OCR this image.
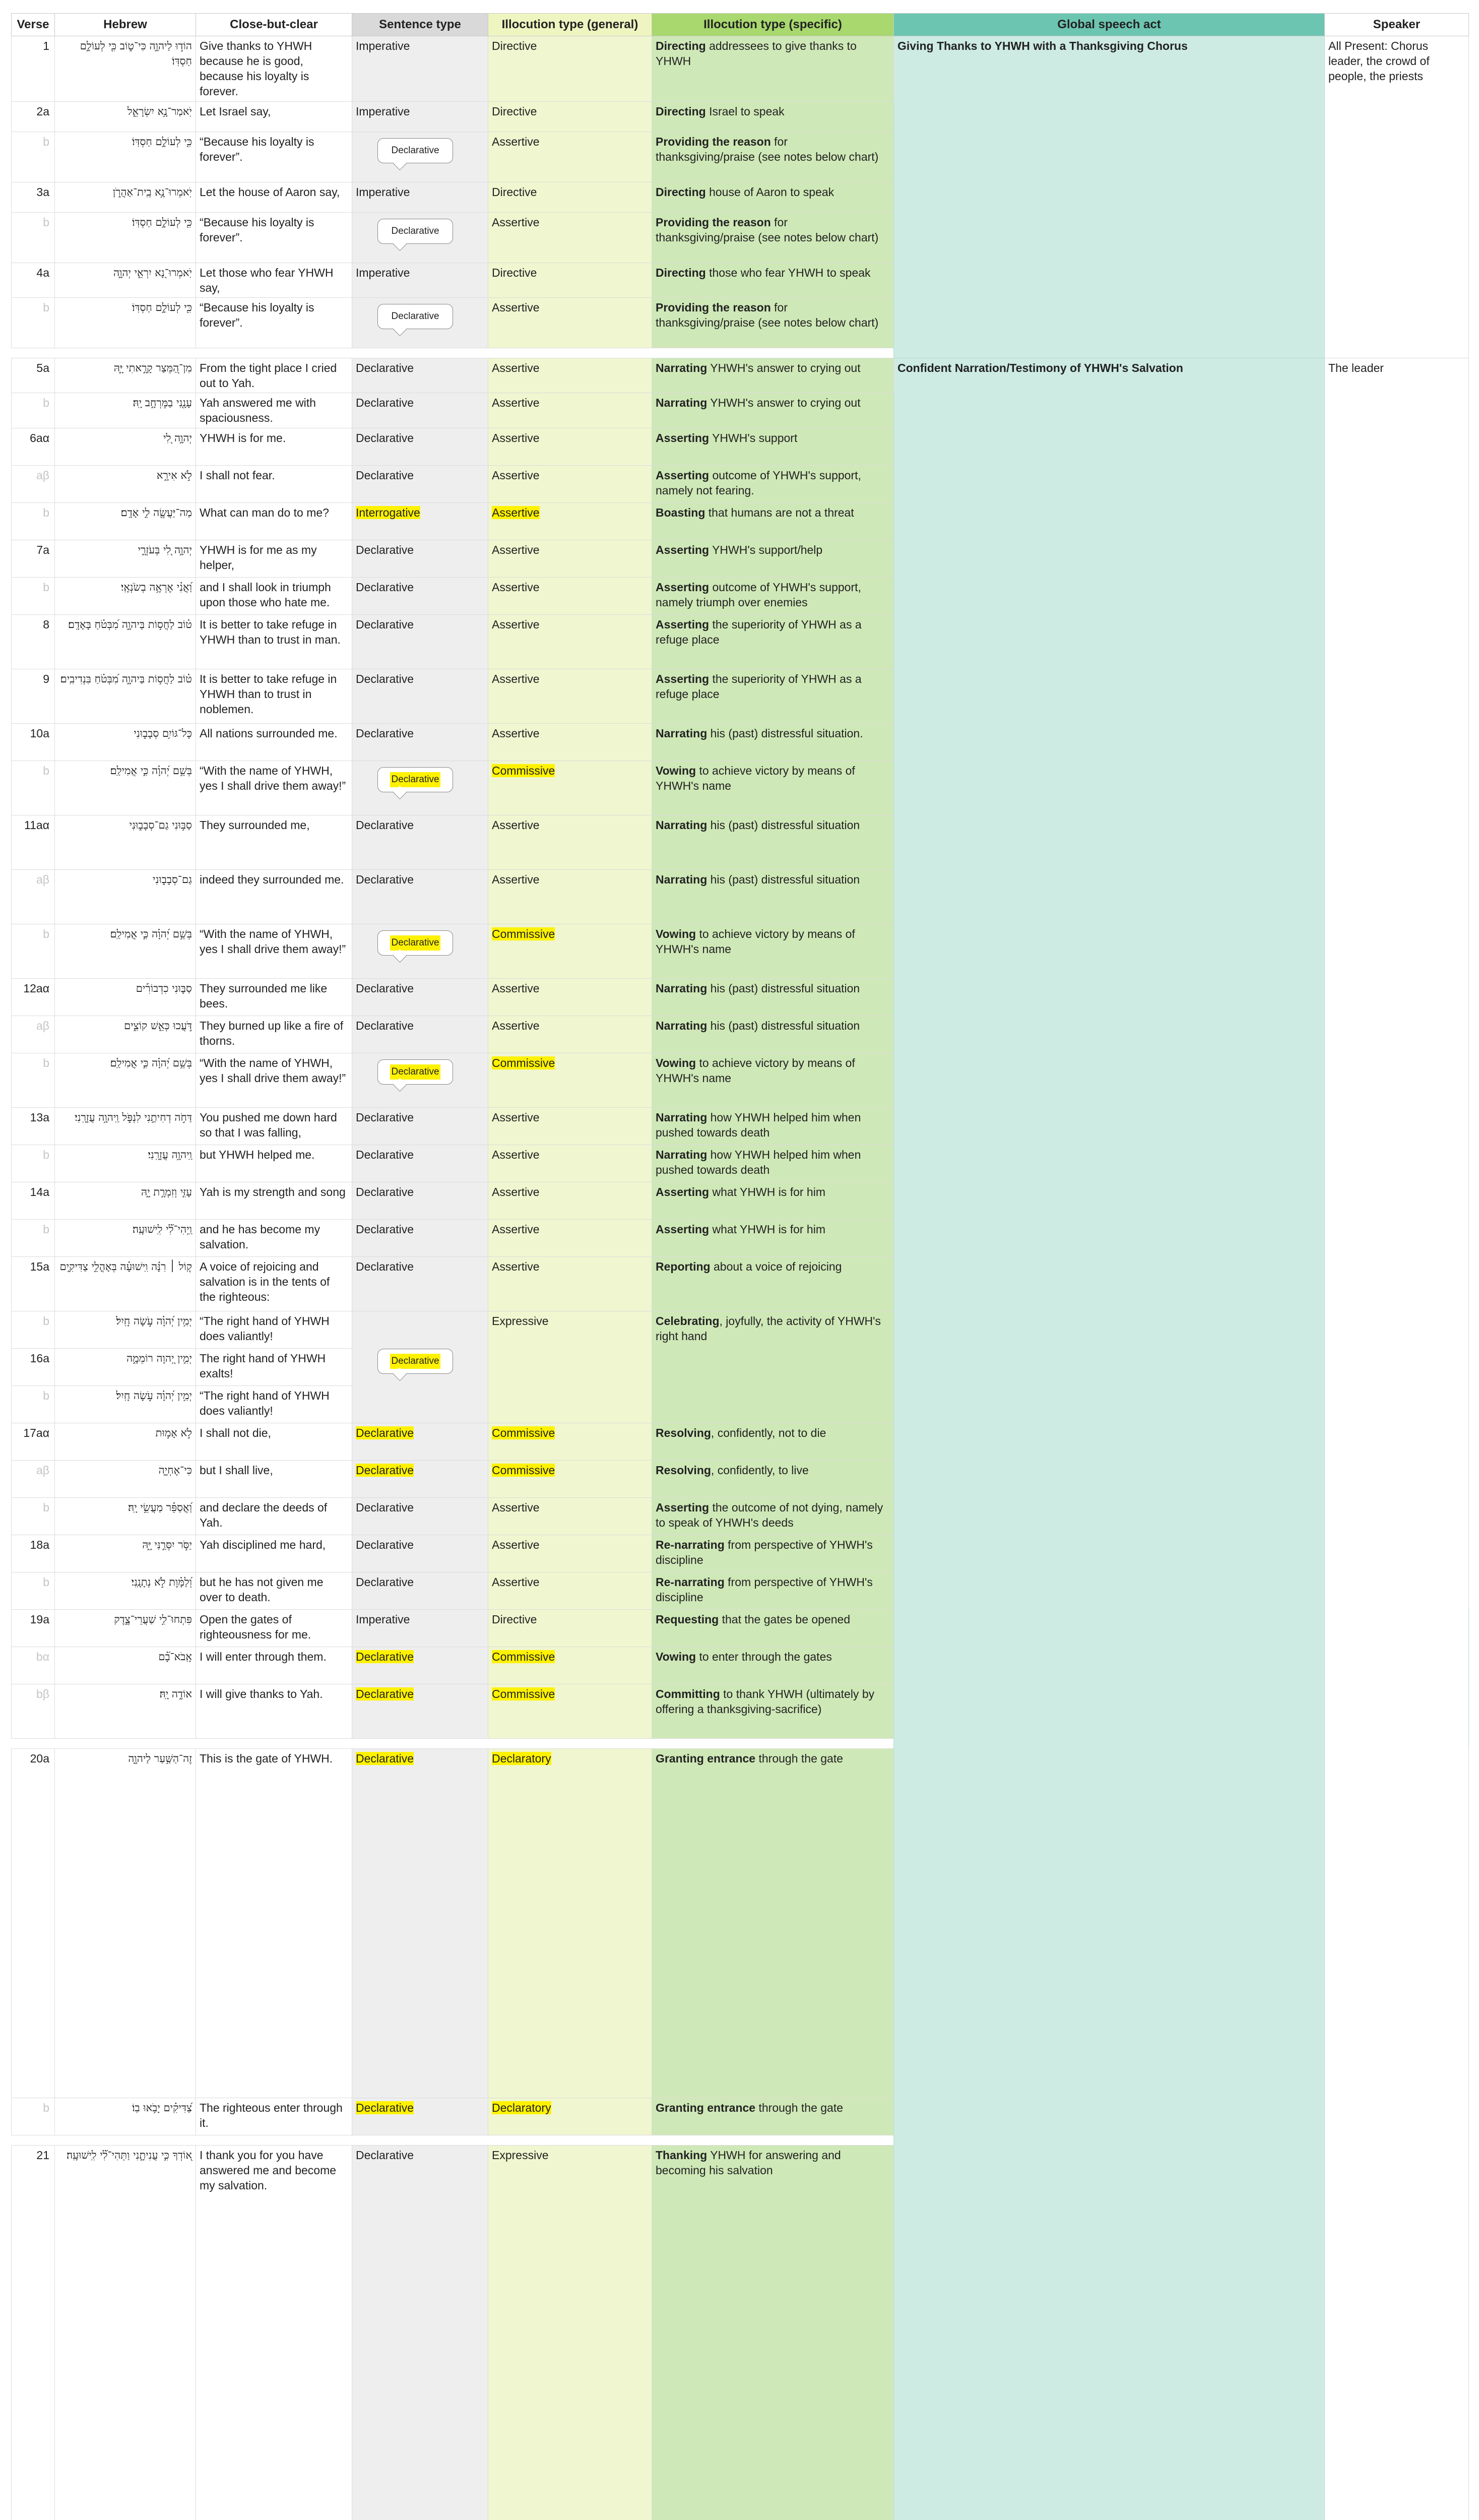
Verse	Hebrew	Close-but-clear	Sentence type	Illocution type (general)	Illocution type (specific)	Global speech act		Speaker	
1	הוֹד֣וּ לַיהוָ֣ה כִּי־ט֑וֹב כִּ֖י לְעוֹלָ֣ם חַסְדּֽוֹ׃	Give thanks to YHWH because he is good, because his loyalty is forever.	Imperative	Directive	Directing addressees to give thanks to YHWH	Giving Thanks to YHWH with a Thanksgiving Chorus		All Present: Chorus leader, the crowd of people, the priests	
2a	יֹֽאמַר־נָ֥א יִשְׂרָאֵ֑ל	Let Israel say,	Imperative	Directive	Directing Israel to speak				
b	כִּ֖י לְעוֹלָ֣ם חַסְדּֽוֹ׃	“Because his loyalty is forever”.	Declarative	Assertive	Providing the reason for thanksgiving/praise (see notes below chart)				
3a	יֹֽאמְרוּ־נָ֥א בֵֽית־אַהֲרֹ֑ן	Let the house of Aaron say,	Imperative	Directive	Directing house of Aaron to speak				
b	כִּ֖י לְעוֹלָ֣ם חַסְדּֽוֹ׃	“Because his loyalty is forever”.	Declarative	Assertive	Providing the reason for thanksgiving/praise (see notes below chart)				
4a	יֹֽאמְרוּ־נָ֭א יִרְאֵ֣י יְהוָ֑ה	Let those who fear YHWH say,	Imperative	Directive	Directing those who fear YHWH to speak				
b	כִּ֖י לְעוֹלָ֣ם חַסְדּֽוֹ׃	“Because his loyalty is forever”.	Declarative	Assertive	Providing the reason for thanksgiving/praise (see notes below chart)				

5a	מִן־הַ֭מֵּצַר קָרָ֣אתִי יָּ֑הּ	From the tight place I cried out to Yah.	Declarative	Assertive	Narrating YHWH's answer to crying out	Confident Narration/Testimony of YHWH's Salvation		The leader	
b	עָנָ֖נִי בַמֶּרְחָ֣ב יָֽהּ׃	Yah answered me with spaciousness.	Declarative	Assertive	Narrating YHWH's answer to crying out				
6aα	יְהוָ֣ה לִ֭י	YHWH is for me.	Declarative	Assertive	Asserting YHWH's support				
aβ	לֹ֣א אִירָ֑א	I shall not fear.	Declarative	Assertive	Asserting outcome of YHWH's support, namely not fearing.				
b	מַה־יַּעֲשֶׂ֖ה לִ֣י אָדָֽם׃	What can man do to me?	Interrogative	Assertive	Boasting that humans are not a threat				
7a	יְהוָ֣ה לִ֭י בְּעֹזְרָ֑י	YHWH is for me as my helper,	Declarative	Assertive	Asserting YHWH's support/help				
b	וַ֝אֲנִ֗י אֶרְאֶ֥ה בְשֹׂנְאָֽי׃	and I shall look in triumph upon those who hate me.	Declarative	Assertive	Asserting outcome of YHWH's support, namely triumph over enemies				
8	ט֗וֹב לַחֲס֥וֹת בַּיהוָ֑ה מִ֝בְּטֹ֗חַ בָּאָדָֽם׃	It is better to take refuge in YHWH than to trust in man.	Declarative	Assertive	Asserting the superiority of YHWH as a refuge place				
9	ט֗וֹב לַחֲס֥וֹת בַּיהוָ֑ה מִ֝בְּטֹ֗חַ בִּנְדִיבִֽים׃	It is better to take refuge in YHWH than to trust in noblemen.	Declarative	Assertive	Asserting the superiority of YHWH as a refuge place				
10a	כָּל־גּוֹיִ֥ם סְבָב֑וּנִי	All nations surrounded me.	Declarative	Assertive	Narrating his (past) distressful situation.				
b	בְּשֵׁ֥ם יְ֝הוָ֗ה כִּ֣י אֲמִילַֽם׃	“With the name of YHWH, yes I shall drive them away!”	Declarative	Commissive	Vowing to achieve victory by means of YHWH's name				
11aα	סַבּ֥וּנִי גַם־סְבָב֑וּנִי	They surrounded me,	Declarative	Assertive	Narrating his (past) distressful situation				
aβ	גַם־סְבָב֑וּנִי	indeed they surrounded me.	Declarative	Assertive	Narrating his (past) distressful situation				
b	בְּשֵׁ֥ם יְ֝הוָ֗ה כִּ֣י אֲמִילַֽם׃	“With the name of YHWH, yes I shall drive them away!”	Declarative	Commissive	Vowing to achieve victory by means of YHWH's name				
12aα	סַבּ֪וּנִי כִדְבוֹרִ֡ים	They surrounded me like bees.	Declarative	Assertive	Narrating his (past) distressful situation				
aβ	דֹּ֣עֲכוּ כְּאֵ֣שׁ קוֹצִ֑ים	They burned up like a fire of thorns.	Declarative	Assertive	Narrating his (past) distressful situation				
b	בְּשֵׁ֥ם יְ֝הוָ֗ה כִּ֣י אֲמִילַֽם׃	“With the name of YHWH, yes I shall drive them away!”	Declarative	Commissive	Vowing to achieve victory by means of YHWH's name				
13a	דַּחֹ֣ה דְחִיתַ֣נִי לִנְפֹּ֑ל וַֽיהוָ֥ה עֲזָרָֽנִי׃	You pushed me down hard so that I was falling,	Declarative	Assertive	Narrating how YHWH helped him when pushed towards death				
b	וַֽיהוָ֥ה עֲזָרָֽנִי׃	but YHWH helped me.	Declarative	Assertive	Narrating how YHWH helped him when pushed towards death				
14a	עָזִּ֣י וְזִמְרָ֣ת יָ֑הּ	Yah is my strength and song	Declarative	Assertive	Asserting what YHWH is for him				
b	וַֽיְהִי־לִ֝֗י לִֽישׁוּעָֽה׃	and he has become my salvation.	Declarative	Assertive	Asserting what YHWH is for him				
15a	ק֤וֹל ׀ רִנָּ֬ה וִֽישׁוּעָ֗ה בְּאָהֳלֵ֥י צַדִּיקִ֑ים	A voice of rejoicing and salvation is in the tents of the righteous:	Declarative	Assertive	Reporting about a voice of rejoicing				
b	יְמִ֥ין יְ֝הוָ֗ה עֹ֣שָׂה חָֽיִל׃	“The right hand of YHWH does valiantly!	Declarative	Expressive	Celebrating, joyfully, the activity of YHWH's right hand				
16a	יְמִ֣ין יְ֭הוָה רוֹמֵמָ֑ה	The right hand of YHWH exalts!							
b	יְמִ֥ין יְ֝הוָ֗ה עֹ֣שָׂה חָֽיִל׃	“The right hand of YHWH does valiantly!							
17aα	לֹ֣א אָמ֣וּת	I shall not die,	Declarative	Commissive	Resolving, confidently, not to die				
aβ	כִּי־אֶחְיֶ֑ה	but I shall live,	Declarative	Commissive	Resolving, confidently, to live				
b	וַ֝אֲסַפֵּ֗ר מַעֲשֵׂ֥י יָֽהּ׃	and declare the deeds of Yah.	Declarative	Assertive	Asserting the outcome of not dying, namely to speak of YHWH's deeds				
18a	יַסֹּ֣ר יִסְּרַ֣נִּי יָּ֑הּ	Yah disciplined me hard,	Declarative	Assertive	Re-narrating from perspective of YHWH's discipline				
b	וְ֝לַמָּ֗וֶת לֹ֣א נְתָנָֽנִי׃	but he has not given me over to death.	Declarative	Assertive	Re-narrating from perspective of YHWH's discipline				
19a	פִּתְחוּ־לִ֥י שַׁעֲרֵי־צֶ֑דֶק	Open the gates of righteousness for me.	Imperative	Directive	Requesting that the gates be opened	
bα	אָֽבֹא־בָ֝֗ם	I will enter through them.	Declarative	Commissive	Vowing to enter through the gates				
bβ	אוֹדֶ֥ה יָֽהּ׃	I will give thanks to Yah.	Declarative	Commissive	Committing to thank YHWH (ultimately by offering a thanksgiving-sacrifice)				

20a	זֶה־הַשַּׁ֥עַר לַיהוָ֑ה	This is the gate of YHWH.	Declarative	Declaratory	Granting entrance through the gate	
b	צַ֝דִּיקִ֗ים יָבֹ֥אוּ בֽוֹ׃	The righteous enter through it.	Declarative	Declaratory	Granting entrance through the gate				

21	א֭וֹדְךָ כִּ֣י עֲנִיתָ֑נִי וַתְּהִי־לִ֝֗י לִֽישׁוּעָֽה׃	I thank you for you have answered me and become my salvation.	Declarative	Expressive	Thanking YHWH for answering and becoming his salvation			
